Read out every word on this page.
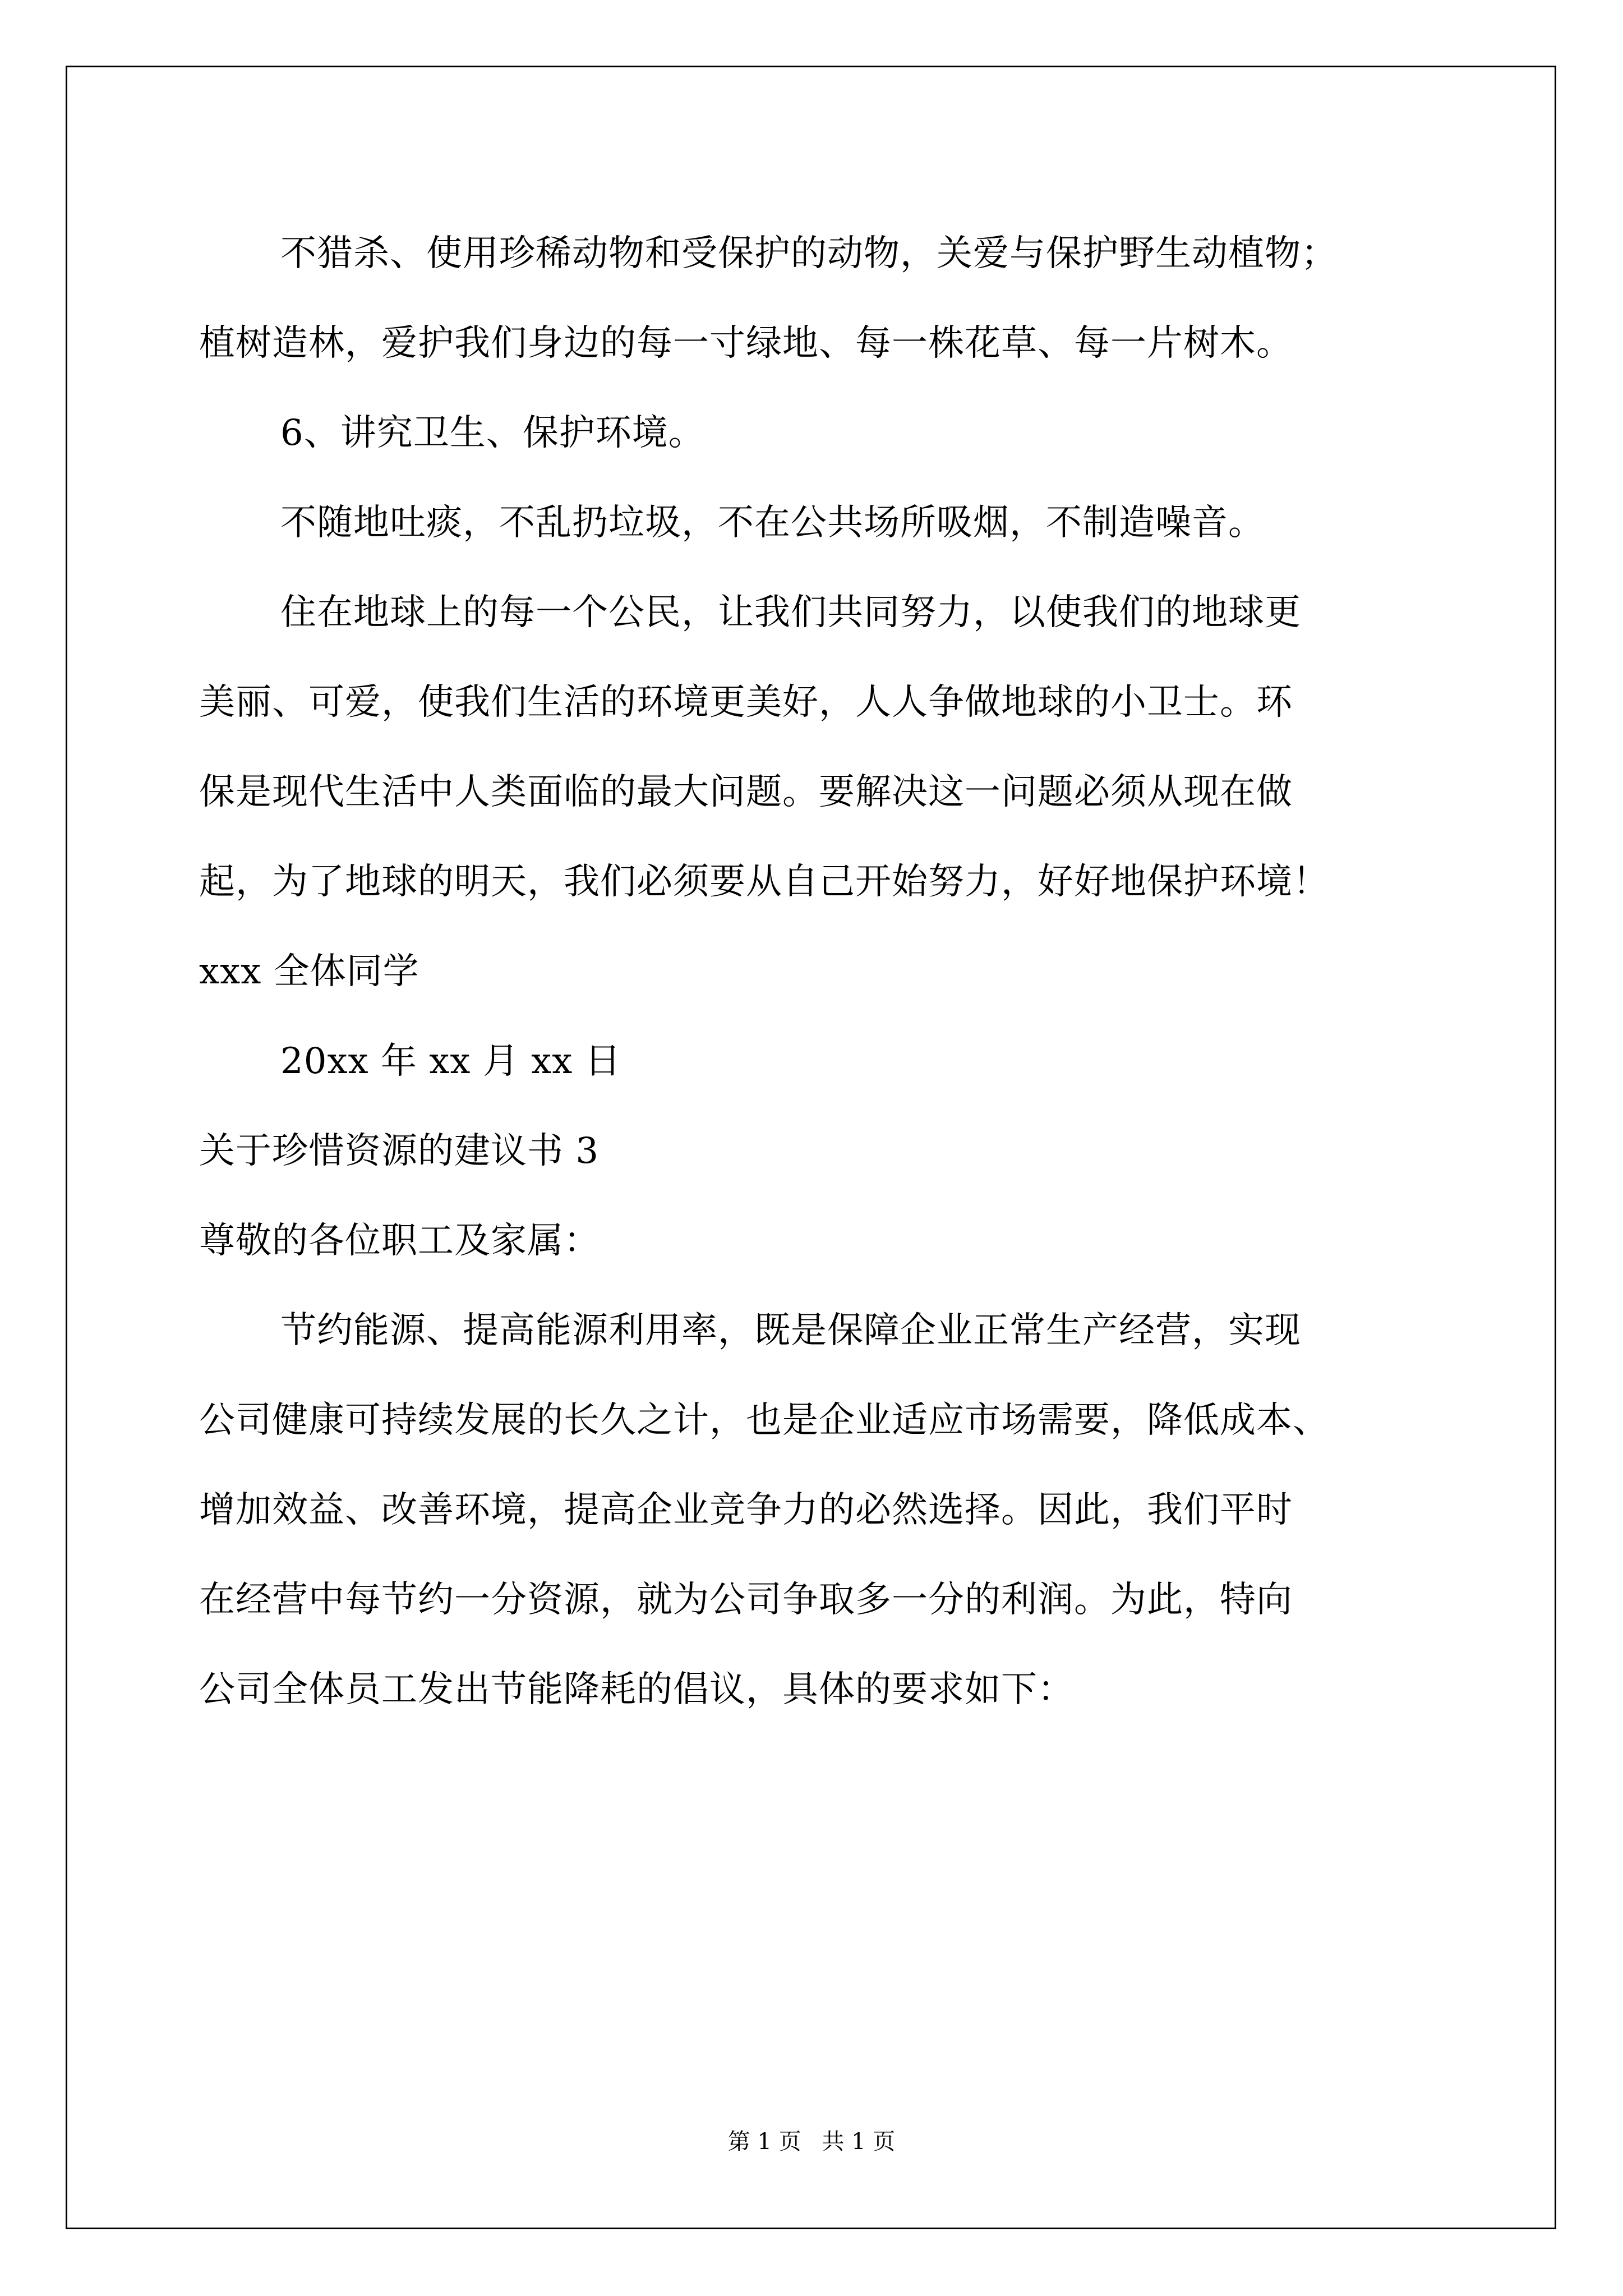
不猎杀、使用珍稀动物和受保护的动物，关爱与保护野生动植物；
植树造林，爱护我们身边的每一寸绿地、每一株花草、每一片树木。
6、讲究卫生、保护环境。
不随地吐痰，不乱扔垃圾，不在公共场所吸烟，不制造噪音。
住在地球上的每一个公民，让我们共同努力，以使我们的地球更
美丽、可爱，使我们生活的环境更美好，人人争做地球的小卫士。环
保是现代生活中人类面临的最大问题。要解决这一问题必须从现在做
起，为了地球的明天，我们必须要从自己开始努力，好好地保护环境！
xxx 全体同学
20xx 年 xx 月 xx 日
关于珍惜资源的建议书 3
尊敬的各位职工及家属：
节约能源、提高能源利用率，既是保障企业正常生产经营，实现
公司健康可持续发展的长久之计，也是企业适应市场需要，降低成本、
增加效益、改善环境，提高企业竞争力的必然选择。因此，我们平时
在经营中每节约一分资源，就为公司争取多一分的利润。为此，特向
公司全体员工发出节能降耗的倡议，具体的要求如下：
第 1 页 共 1 页
